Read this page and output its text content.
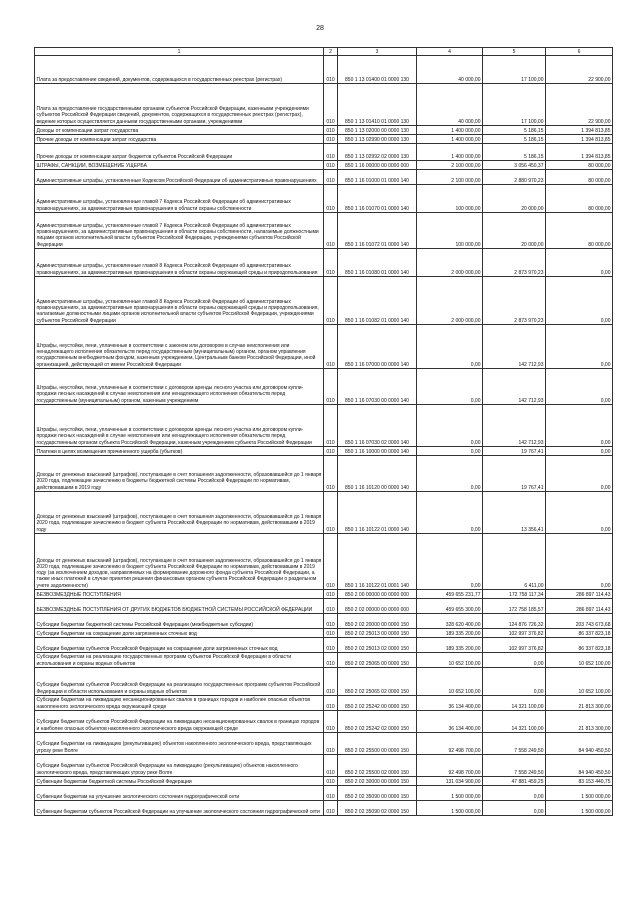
28
1	2	3	4	5	6
Плата за предоставление сведений, документов, содержащихся в государственных реестрах (регистрах)	010	850 1 13 01400 01 0000 130	40 000,00	17 100,00	22 900,00
Плата за предоставление государственными органами субъектов Российской Федерации, казенными учреждениями субъектов Российской Федерации сведений, документов, содержащихся в государственных реестрах (регистрах), ведение которых осуществляется данными государственными органами, учреждениями	010	850 1 13 01410 01 0000 130	40 000,00	17 100,00	22 900,00
Доходы от компенсации затрат государства	010	850 1 13 02000 00 0000 130	1 400 000,00	5 186,15	1 394 813,85
Прочие доходы от компенсации затрат государства	010	850 1 13 02990 00 0000 130	1 400 000,00	5 186,15	1 394 813,85
Прочие доходы от компенсации затрат бюджетов субъектов Российской Федерации	010	850 1 13 02992 02 0000 130	1 400 000,00	5 186,15	1 394 813,85
ШТРАФЫ, САНКЦИИ, ВОЗМЕЩЕНИЕ УЩЕРБА	010	850 1 16 00000 00 0000 000	2 100 000,00	3 056 450,37	80 000,00
Административные штрафы, установленные Кодексом Российской Федерации об административных правонарушениях	010	850 1 16 01000 01 0000 140	2 100 000,00	2 880 970,23	80 000,00
Административные штрафы, установленные главой 7 Кодекса Российской Федерации об административных правонарушениях, за административные правонарушения в области охраны собственности	010	850 1 16 01070 01 0000 140	100 000,00	20 000,00	80 000,00
Административные штрафы, установленные главой 7 Кодекса Российской Федерации об административных правонарушениях, за административные правонарушения в области охраны собственности, налагаемые должностными лицами органов исполнительной власти субъектов Российской Федерации, учреждениями субъектов Российской Федерации	010	850 1 16 01072 01 0000 140	100 000,00	20 000,00	80 000,00
Административные штрафы, установленные главой 8 Кодекса Российской Федерации об административных правонарушениях, за административные правонарушения в области охраны окружающей среды и природопользования	010	850 1 16 01080 01 0000 140	2 000 000,00	2 873 970,23	0,00
Административные штрафы, установленные главой 8 Кодекса Российской Федерации об административных правонарушениях, за административные правонарушения в области охраны окружающей среды и природопользования, налагаемые должностными лицами органов исполнительной власти субъектов Российской Федерации, учреждениями субъектов Российской Федерации	010	850 1 16 01082 01 0000 140	2 000 000,00	2 873 970,23	0,00
Штрафы, неустойки, пени, уплаченные в соответствии с законом или договором в случае неисполнения или ненадлежащего исполнения обязательств перед государственным (муниципальным) органом, органом управления государственным внебюджетным фондом, казенным учреждением, Центральным банком Российской Федерации, иной организацией, действующей от имени Российской Федерации	010	850 1 16 07000 00 0000 140	0,00	142 712,93	0,00
Штрафы, неустойки, пени, уплаченные в соответствии с договором аренды лесного участка или договором купли-продажи лесных насаждений в случае неисполнения или ненадлежащего исполнения обязательств перед государственным (муниципальным) органом, казенным учреждением	010	850 1 16 07030 00 0000 140	0,00	142 712,93	0,00
Штрафы, неустойки, пени, уплаченные в соответствии с договором аренды лесного участка или договором купли-продажи лесных насаждений в случае неисполнения или ненадлежащего исполнения обязательств перед государственным органом субъекта Российской Федерации, казенным учреждением субъекта Российской Федерации	010	850 1 16 07030 02 0000 140	0,00	142 712,93	0,00
Платежи в целях возмещения причиненного ущерба (убытков)	010	850 1 16 10000 00 0000 140	0,00	19 767,41	0,00
Доходы от денежных взысканий (штрафов), поступающие в счет погашения задолженности, образовавшейся до 1 января 2020 года, подлежащие зачислению в бюджеты бюджетной системы Российской Федерации по нормативам, действовавшим в 2019 году	010	850 1 16 10120 00 0000 140	0,00	19 767,41	0,00
Доходы от денежных взысканий (штрафов), поступающие в счет погашения задолженности, образовавшейся до 1 января 2020 года, подлежащие зачислению в бюджет субъекта Российской Федерации по нормативам, действовавшим в 2019 году	010	850 1 16 10122 01 0000 140	0,00	13 356,41	0,00
Доходы от денежных взысканий (штрафов), поступающие в счет погашения задолженности, образовавшейся до 1 января 2020 года, подлежащие зачислению в бюджет субъекта Российской Федерации по нормативам, действовавшим в 2019 году (за исключением доходов, направляемых на формирование дорожного фонда субъекта Российской Федерации, а также иных платежей в случае принятия решения финансовым органом субъекта Российской Федерации о раздельном учете задолженности)	010	850 1 16 10122 01 0001 140	0,00	6 411,00	0,00
БЕЗВОЗМЕЗДНЫЕ ПОСТУПЛЕНИЯ	010	850 2 00 00000 00 0000 000	459 655 231,77	172 758 117,34	286 897 114,43
БЕЗВОЗМЕЗДНЫЕ ПОСТУПЛЕНИЯ ОТ ДРУГИХ БЮДЖЕТОВ БЮДЖЕТНОЙ СИСТЕМЫ РОССИЙСКОЙ ФЕДЕРАЦИИ	010	850 2 02 00000 00 0000 000	459 655 300,00	172 758 185,57	286 897 114,43
Субсидии бюджетам бюджетной системы Российской Федерации (межбюджетные субсидии)	010	850 2 02 20000 00 0000 150	328 620 400,00	124 876 726,32	203 743 673,68
Субсидии бюджетам на сокращение доли загрязненных сточных вод	010	850 2 02 25013 00 0000 150	189 335 200,00	102 997 376,82	86 337 823,18
Субсидии бюджетам субъектов Российской Федерации на сокращение доли загрязненных сточных вод	010	850 2 02 25013 02 0000 150	189 335 200,00	102 997 376,82	86 337 823,18
Субсидии бюджетам на реализацию государственных программ субъектов Российской Федерации в области использования и охраны водных объектов	010	850 2 02 25065 00 0000 150	10 652 100,00	0,00	10 652 100,00
Субсидии бюджетам субъектов Российской Федерации на реализацию государственных программ субъектов Российской Федерации в области использования и охраны водных объектов	010	850 2 02 25065 02 0000 150	10 652 100,00	0,00	10 652 100,00
Субсидии бюджетам на ликвидацию несанкционированных свалок в границах городов и наиболее опасных объектов накопленного экологического вреда окружающей среде	010	850 2 02 25242 00 0000 150	36 134 400,00	14 321 100,00	21 813 300,00
Субсидии бюджетам субъектов Российской Федерации на ликвидацию несанкционированных свалок в границах городов и наиболее опасных объектов накопленного экологического вреда окружающей среде	010	850 2 02 25242 02 0000 150	36 134 400,00	14 321 100,00	21 813 300,00
Субсидии бюджетам на ликвидацию (рекультивацию) объектов накопленного экологического вреда, представляющих угрозу реке Волге	010	850 2 02 25500 00 0000 150	92 498 700,00	7 558 249,50	84 940 450,50
Субсидии бюджетам субъектов Российской Федерации на ликвидацию (рекультивацию) объектов накопленного экологического вреда, представляющих угрозу реке Волге	010	850 2 02 25500 02 0000 150	92 498 700,00	7 558 249,50	84 940 450,50
Субвенции бюджетам бюджетной системы Российской Федерации	010	850 2 02 30000 00 0000 150	131 034 900,00	47 881 459,25	83 153 440,75
Субвенции бюджетам на улучшение экологического состояния гидрографической сети	010	850 2 02 35090 00 0000 150	1 500 000,00	0,00	1 500 000,00
Субвенции бюджетам субъектов Российской Федерации на улучшение экологического состояния гидрографической сети	010	850 2 02 35090 02 0000 150	1 500 000,00	0,00	1 500 000,00
